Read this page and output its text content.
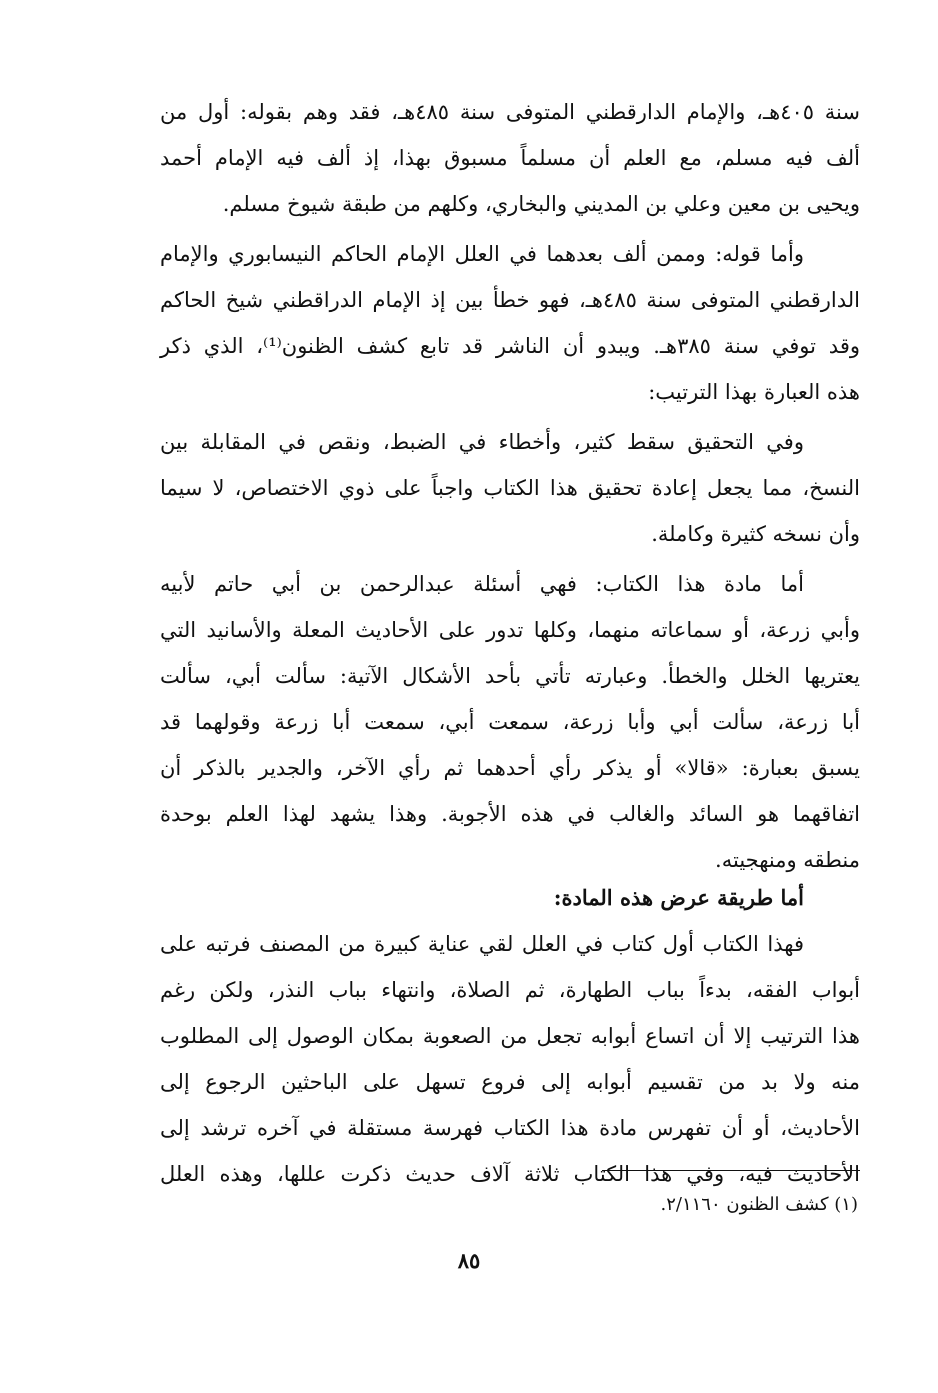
سنة ٤٠٥هـ، والإمام الدارقطني المتوفى سنة ٤٨٥هـ، فقد وهم بقوله: أول من
ألف فيه مسلم، مع العلم أن مسلماً مسبوق بهذا، إذ ألف فيه الإمام أحمد
ويحيى بن معين وعلي بن المديني والبخاري، وكلهم من طبقة شيوخ مسلم.
وأما قوله: وممن ألف بعدهما في العلل الإمام الحاكم النيسابوري والإمام
الدارقطني المتوفى سنة ٤٨٥هـ، فهو خطأ بين إذ الإمام الدراقطني شيخ الحاكم
وقد توفي سنة ٣٨٥هـ. ويبدو أن الناشر قد تابع كشف الظنون⁽¹⁾، الذي ذكر
هذه العبارة بهذا الترتيب:
وفي التحقيق سقط كثير، وأخطاء في الضبط، ونقص في المقابلة بين
النسخ، مما يجعل إعادة تحقيق هذا الكتاب واجباً على ذوي الاختصاص، لا سيما
وأن نسخه كثيرة وكاملة.
أما مادة هذا الكتاب: فهي أسئلة عبدالرحمن بن أبي حاتم لأبيه
وأبي زرعة، أو سماعاته منهما، وكلها تدور على الأحاديث المعلة والأسانيد التي
يعتريها الخلل والخطأ. وعبارته تأتي بأحد الأشكال الآتية: سألت أبي، سألت
أبا زرعة، سألت أبي وأبا زرعة، سمعت أبي، سمعت أبا زرعة وقولهما قد
يسبق بعبارة: «قالا» أو يذكر رأي أحدهما ثم رأي الآخر، والجدير بالذكر أن
اتفاقهما هو السائد والغالب في هذه الأجوبة. وهذا يشهد لهذا العلم بوحدة
منطقه ومنهجيته.
أما طريقة عرض هذه المادة:
فهذا الكتاب أول كتاب في العلل لقي عناية كبيرة من المصنف فرتبه على
أبواب الفقه، بدءاً بباب الطهارة، ثم الصلاة، وانتهاء بباب النذر، ولكن رغم
هذا الترتيب إلا أن اتساع أبوابه تجعل من الصعوبة بمكان الوصول إلى المطلوب
منه ولا بد من تقسيم أبوابه إلى فروع تسهل على الباحثين الرجوع إلى
الأحاديث، أو أن تفهرس مادة هذا الكتاب فهرسة مستقلة في آخره ترشد إلى
الأحاديث فيه، وفي هذا الكتاب ثلاثة آلاف حديث ذكرت عللها، وهذه العلل
(١) كشف الظنون ٢/١١٦٠.
٨٥
